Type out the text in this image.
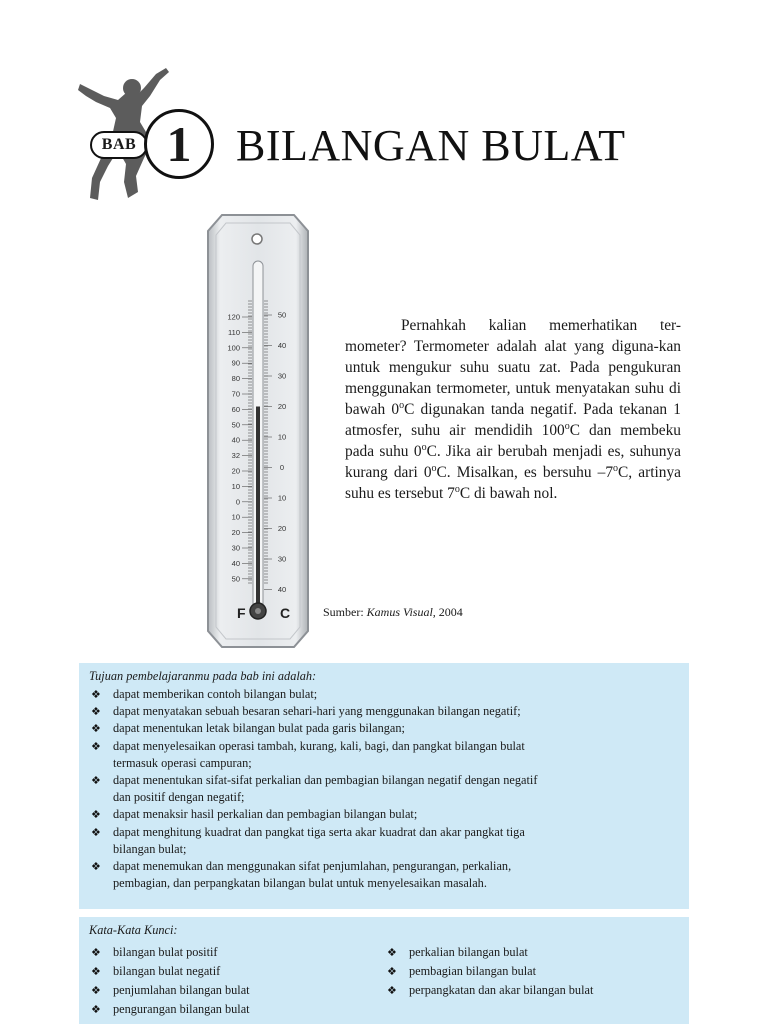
BAB 1	BILANGAN BULAT
120
110
100
90
80
70
60
50
40
32
20
10
0
10
20
30
40
50
50
40
30
20
10
0
10
20
30
40
F C

Pernahkah kalian memerhatikan ter-mometer? Termometer adalah alat yang diguna-kan untuk mengukur suhu suatu zat. Pada pengukuran menggunakan termometer, untuk menyatakan suhu di bawah 0$^o$C digunakan tanda negatif. Pada tekanan 1 atmosfer, suhu air mendidih 100$^o$C dan membeku pada suhu 0$^o$C. Jika air berubah menjadi es, suhunya kurang dari 0$^o$C. Misalkan, es bersuhu –7$^o$C, artinya suhu es tersebut 7$^o$C di bawah nol.

Sumber: Kamus Visual, 2004

Tujuan pembelajaranmu pada bab ini adalah:

❖ dapat memberikan contoh bilangan bulat;
❖ dapat menyatakan sebuah besaran sehari-hari yang menggunakan bilangan negatif;
❖ dapat menentukan letak bilangan bulat pada garis bilangan;
❖ dapat menyelesaikan operasi tambah, kurang, kali, bagi, dan pangkat bilangan bulat termasuk operasi campuran;
❖ dapat menentukan sifat-sifat perkalian dan pembagian bilangan negatif dengan negatif dan positif dengan negatif;
❖ dapat menaksir hasil perkalian dan pembagian bilangan bulat;
❖ dapat menghitung kuadrat dan pangkat tiga serta akar kuadrat dan akar pangkat tiga bilangan bulat;
❖ dapat menemukan dan menggunakan sifat penjumlahan, pengurangan, perkalian, pembagian, dan perpangkatan bilangan bulat untuk menyelesaikan masalah.

Kata-Kata Kunci:

❖ bilangan bulat positif
❖ bilangan bulat negatif
❖ penjumlahan bilangan bulat
❖ pengurangan bilangan bulat
❖ perkalian bilangan bulat
❖ pembagian bilangan bulat
❖ perpangkatan dan akar bilangan bulat
